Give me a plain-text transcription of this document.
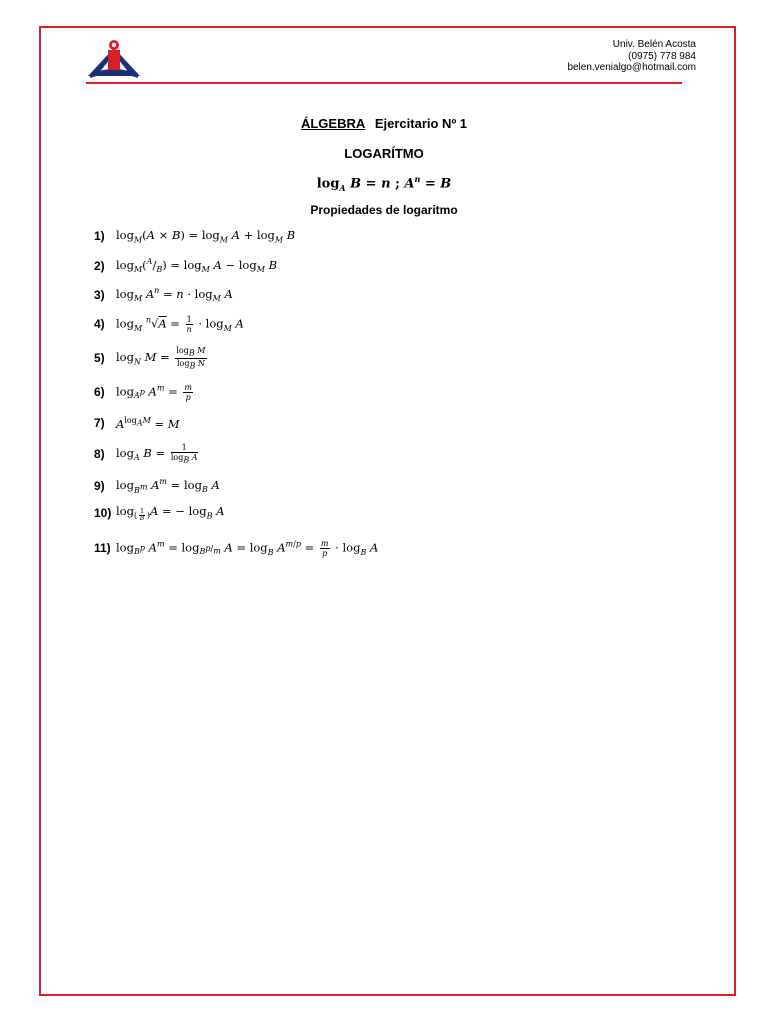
Univ. Belén Acosta
(0975) 778 984
belen.venialgo@hotmail.com
ÁLGEBRA Ejercitario Nº 1
LOGARÍTMO
$\log_A B = n$ ; $A^n = B$
Propiedades de logaritmo
1) $\log_M(A \times B) = \log_M A + \log_M B$
2) $\log_M(^A/_B) = \log_M A - \log_M B$
3) $\log_M A^n = n \cdot \log_M A$
4) $\log_M ^n√A = \frac{1}{n} \cdot \log_M A$
5) $\log_N M = \frac{\log_B M}{\log_B N}$
6) $\log_{A^p} A^m = \frac{m}{p}$
7) $A^{log_AM} = M$
8) $\log_A B = \frac{1}{\log_B A}$
9) $\log_{B^m} A^m = \log_B A$
10) $\log_{( \frac{1}{B} )}A$ = − $\log_B A$
11) $\log_{B^p} A^m = \log_{B^{p/_m}} A = \log_B A^{m/p} = \frac{m}{p} \cdot \log_B A$
